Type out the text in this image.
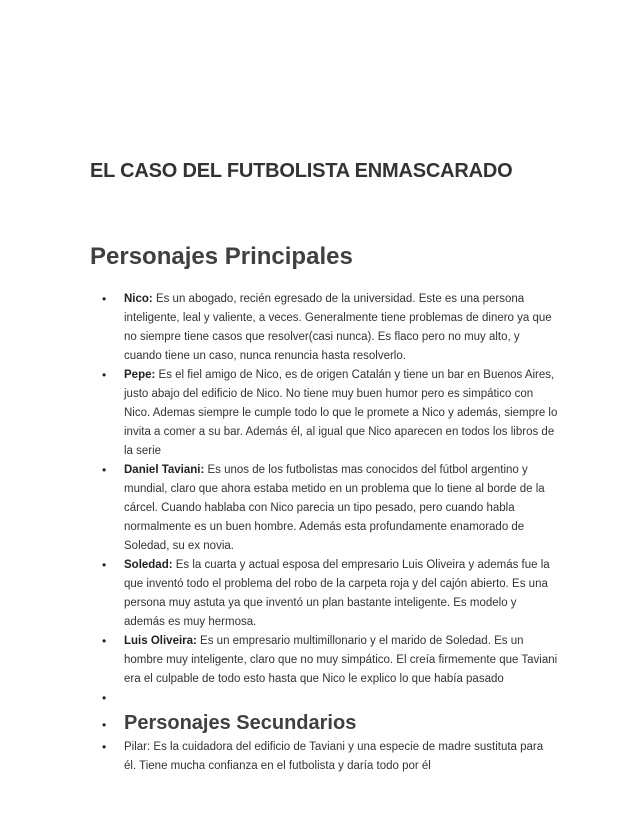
EL CASO DEL FUTBOLISTA ENMASCARADO
Personajes Principales
• Nico: Es un abogado, recién egresado de la universidad. Este es una persona inteligente, leal y valiente, a veces. Generalmente tiene problemas de dinero ya que no siempre tiene casos que resolver(casi nunca). Es flaco pero no muy alto, y cuando tiene un caso, nunca renuncia hasta resolverlo.
• Pepe: Es el fiel amigo de Nico, es de origen Catalán y tiene un bar en Buenos Aires, justo abajo del edificio de Nico. No tiene muy buen humor pero es simpático con Nico. Ademas siempre le cumple todo lo que le promete a Nico y además, siempre lo invita a comer a su bar. Además él, al igual que Nico aparecen en todos los libros de la serie
• Daniel Taviani: Es unos de los futbolistas mas conocidos del fútbol argentino y mundial, claro que ahora estaba metido en un problema que lo tiene al borde de la cárcel. Cuando hablaba con Nico parecia un tipo pesado, pero cuando habla normalmente es un buen hombre. Además esta profundamente enamorado de Soledad, su ex novia.
• Soledad: Es la cuarta y actual esposa del empresario Luis Oliveira y además fue la que inventó todo el problema del robo de la carpeta roja y del cajón abierto. Es una persona muy astuta ya que inventó un plan bastante inteligente. Es modelo y además es muy hermosa.
• Luis Oliveira: Es un empresario multimillonario y el marido de Soledad. Es un hombre muy inteligente, claro que no muy simpático. El creía firmemente que Taviani era el culpable de todo esto hasta que Nico le explico lo que había pasado
•
• Personajes Secundarios
• Pilar: Es la cuidadora del edificio de Taviani y una especie de madre sustituta para él. Tiene mucha confianza en el futbolista y daría todo por él
